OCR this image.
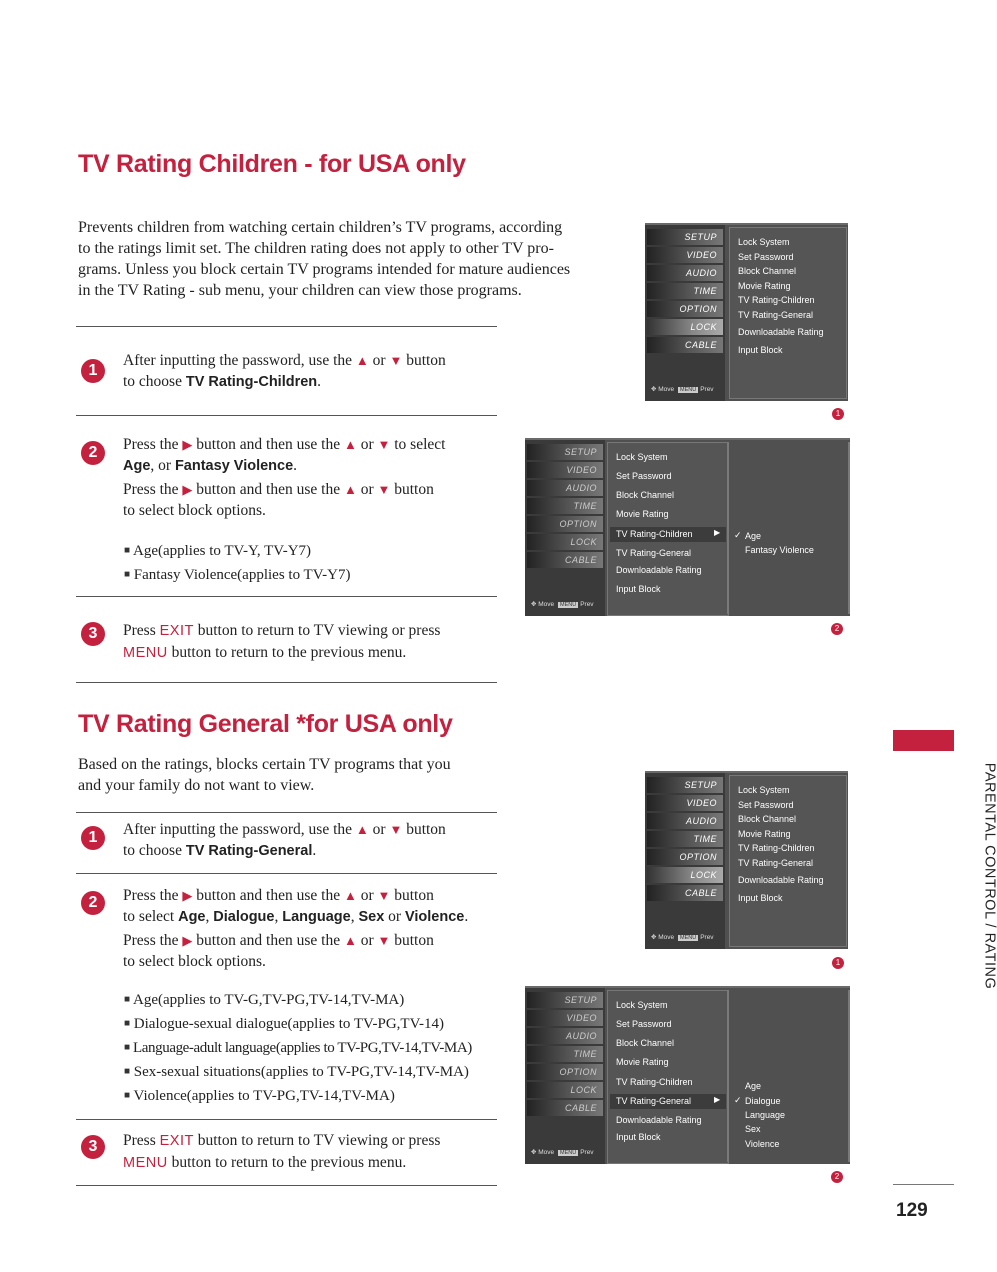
TV Rating Children - for USA only

Prevents children from watching certain children’s TV programs, according

to the ratings limit set. The children rating does not apply to other TV pro-

grams. Unless you block certain TV programs intended for mature audiences

in the TV Rating - sub menu, your children can view those programs.

1

After inputting the password, use the ▲ or ▼ button
to choose TV Rating-Children.

2	Press the ▶ button and then use the ▲ or ▼ to select
Age, or Fantasy Violence.

Press the ▶ button and then use the ▲ or ▼ button
to select block options.

■ Age(applies to TV-Y, TV-Y7)

■ Fantasy Violence(applies to TV-Y7)

3	Press EXIT button to return to TV viewing or press
MENU button to return to the previous menu.

TV Rating General *for USA only

Based on the ratings, blocks certain TV programs that you

and your family do not want to view.

1	After inputting the password, use the ▲ or ▼ button
to choose TV Rating-General.

2	Press the ▶ button and then use the ▲ or ▼ button
to select Age, Dialogue, Language, Sex or Violence.

Press the ▶ button and then use the ▲ or ▼ button
to select block options.

■ Age(applies to TV-G,TV-PG,TV-14,TV-MA)

■ Dialogue-sexual dialogue(applies to TV-PG,TV-14)

■ Language-adult language(applies to TV-PG,TV-14,TV-MA)

■ Sex-sexual situations(applies to TV-PG,TV-14,TV-MA)

■ Violence(applies to TV-PG,TV-14,TV-MA)

3	Press EXIT button to return to TV viewing or press
MENU button to return to the previous menu.

SETUP
VIDEO
AUDIO
TIME
OPTION
LOCK
CABLE
✥ Move MENU Prev
Lock System
Set Password
Block Channel
Movie Rating
TV Rating-Children
TV Rating-General
Downloadable Rating
Input Block
1
SETUP
VIDEO
AUDIO
TIME
OPTION
LOCK
CABLE
✥ Move MENU Prev
Lock System
Set Password
Block Channel
Movie Rating
TV Rating-Children	▶
TV Rating-General
Downloadable Rating
Input Block
✓ Age
Fantasy Violence
2
SETUP
VIDEO
AUDIO
TIME
OPTION
LOCK
CABLE
✥ Move MENU Prev
Lock System
Set Password
Block Channel
Movie Rating
TV Rating-Children
TV Rating-General
Downloadable Rating
Input Block
1
SETUP
VIDEO
AUDIO
TIME
OPTION
LOCK
CABLE
✥ Move MENU Prev
Lock System
Set Password
Block Channel
Movie Rating
TV Rating-Children
TV Rating-General	▶
Downloadable Rating
Input Block
Age
✓ Dialogue
Language
Sex
Violence
2
PARENTAL CONTROL / RATING
129
